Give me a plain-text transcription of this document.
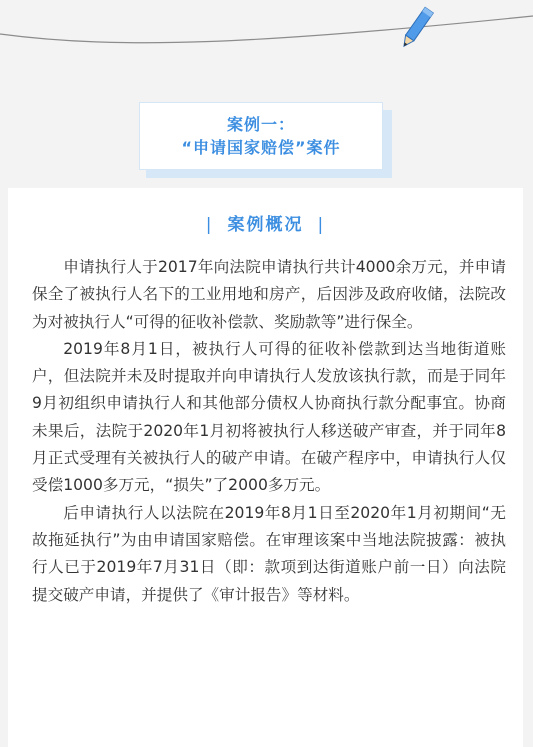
案例一：
“申请国家赔偿”案件
| 案例概况 |

申请执行人于2017年向法院申请执行共计4000余万元，并申请保全了被执行人名下的工业用地和房产，后因涉及政府收储，法院改为对被执行人“可得的征收补偿款、奖励款等”进行保全。

2019年8月1日，被执行人可得的征收补偿款到达当地街道账户，但法院并未及时提取并向申请执行人发放该执行款，而是于同年9月初组织申请执行人和其他部分债权人协商执行款分配事宜。协商未果后，法院于2020年1月初将被执行人移送破产审查，并于同年8月正式受理有关被执行人的破产申请。在破产程序中，申请执行人仅受偿1000多万元，“损失”了2000多万元。

后申请执行人以法院在2019年8月1日至2020年1月初期间“无故拖延执行”为由申请国家赔偿。在审理该案中当地法院披露：被执行人已于2019年7月31日（即：款项到达街道账户前一日）向法院提交破产申请，并提供了《审计报告》等材料。
